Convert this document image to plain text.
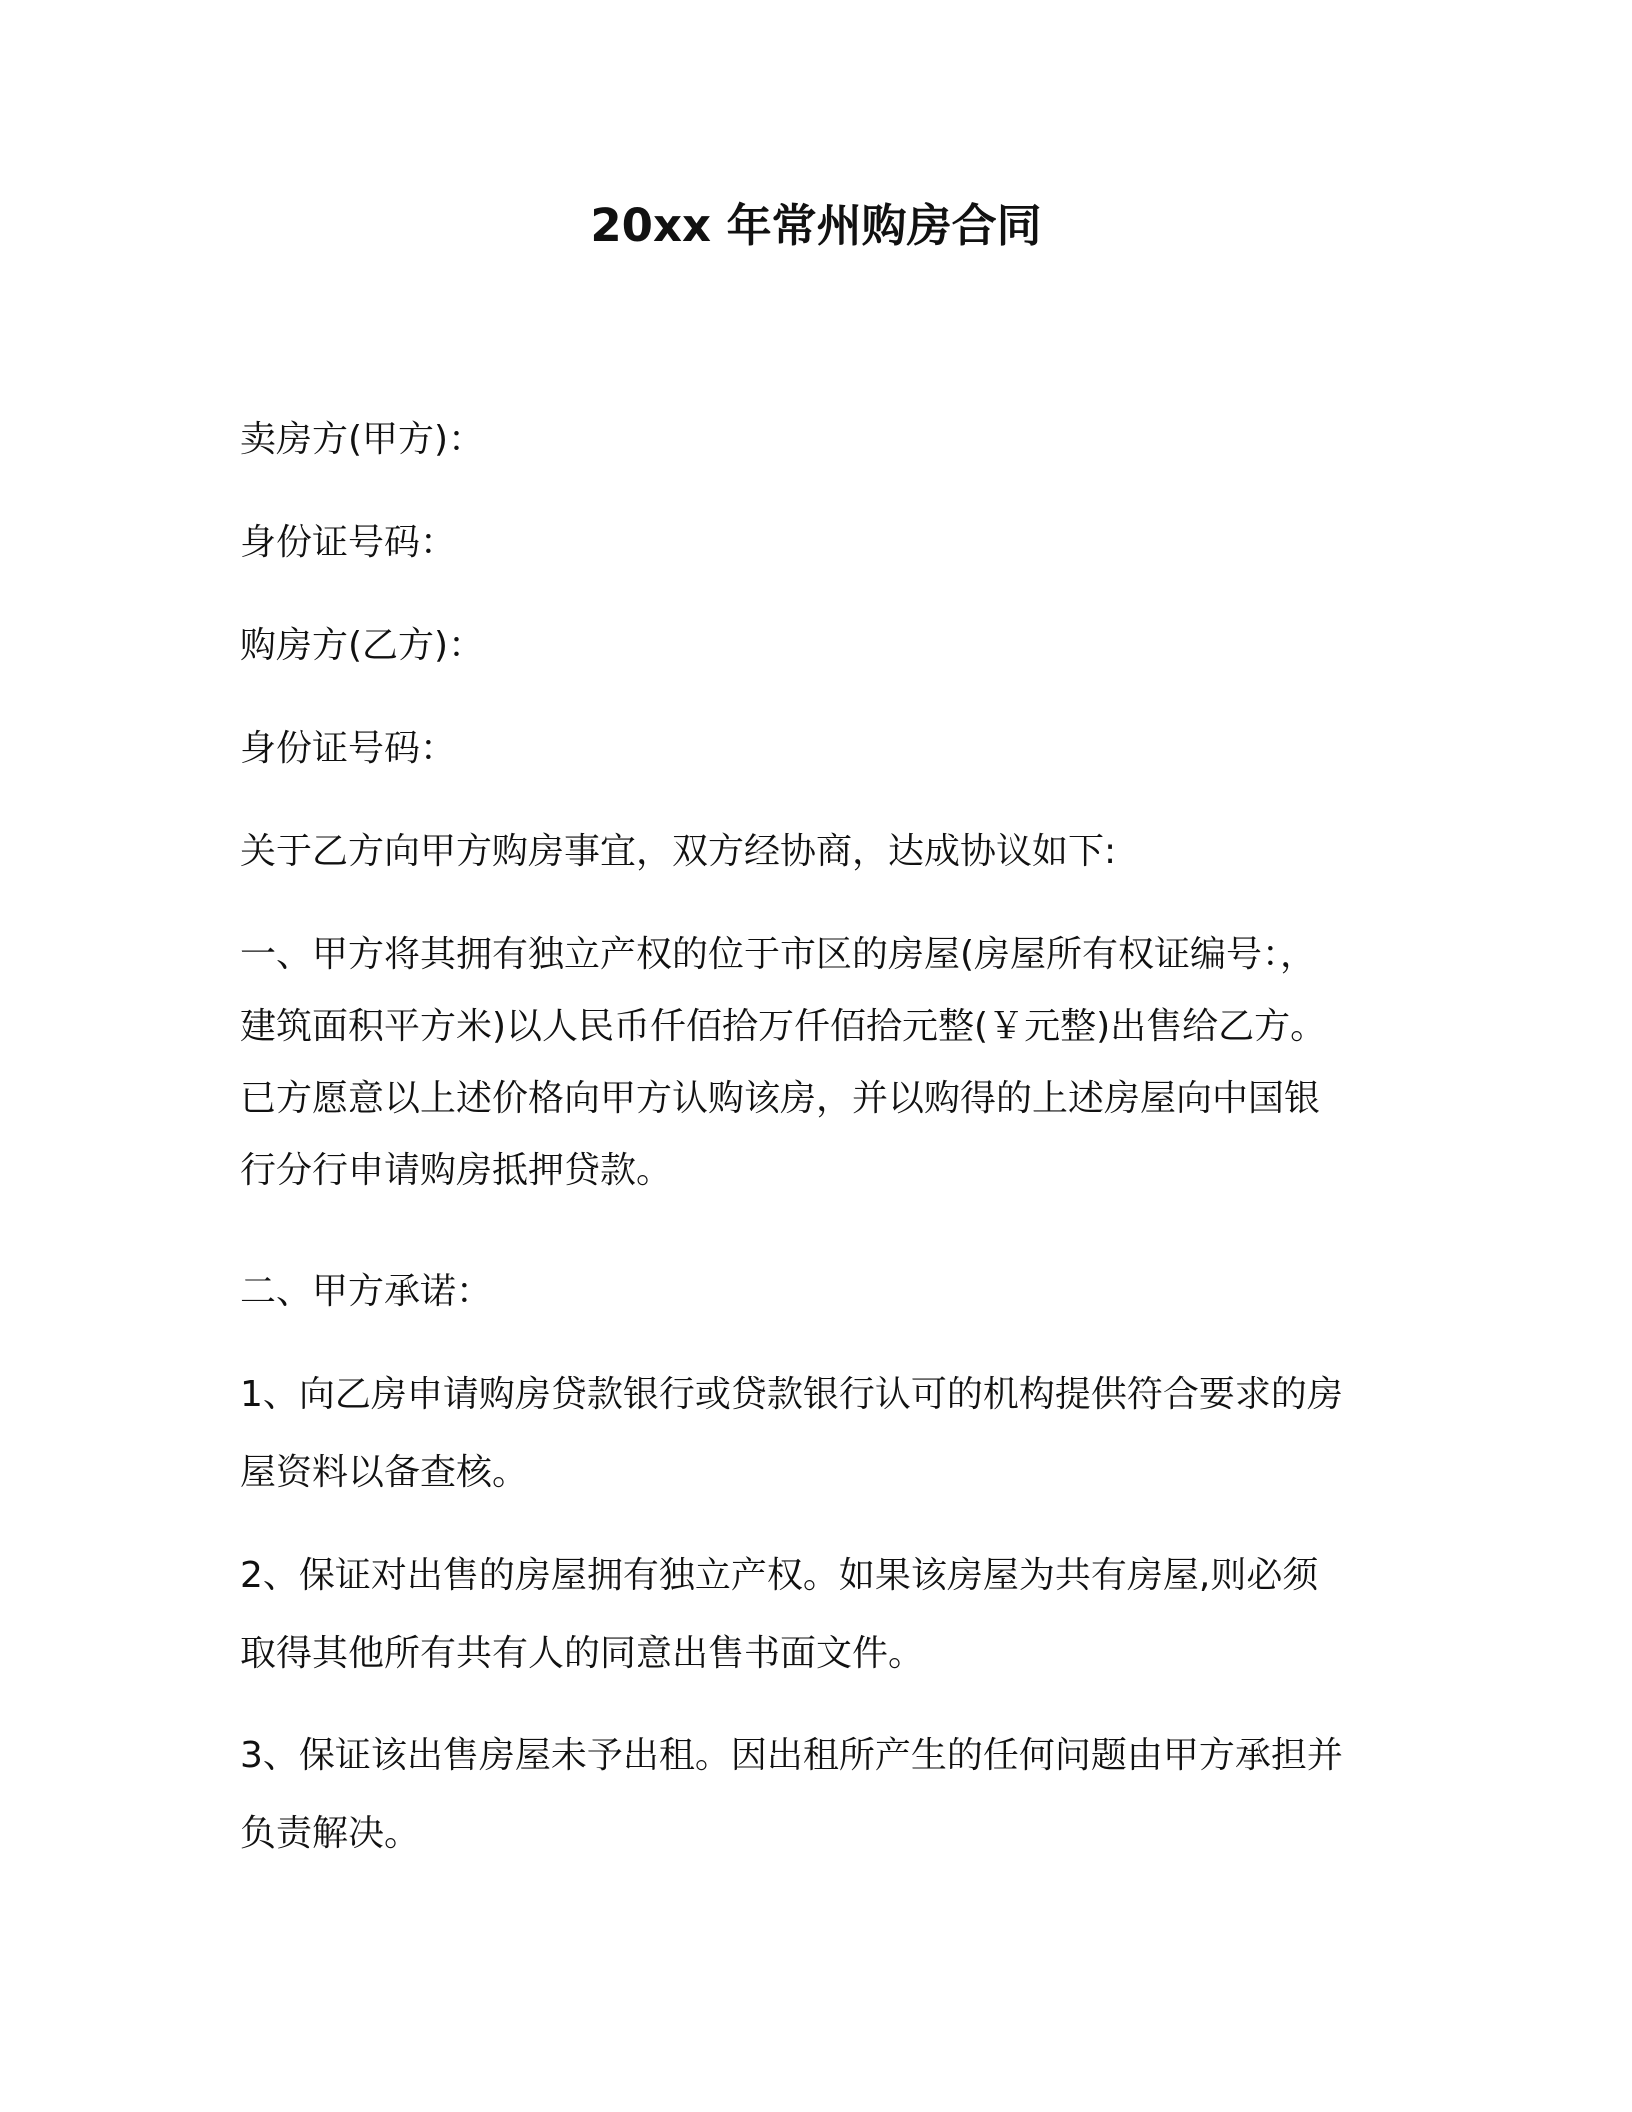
20xx 年常州购房合同
卖房方(甲方)：
身份证号码：
购房方(乙方)：
身份证号码：
关于乙方向甲方购房事宜，双方经协商，达成协议如下:
一、甲方将其拥有独立产权的位于市区的房屋(房屋所有权证编号：，
建筑面积平方米)以人民币仟佰拾万仟佰拾元整(￥元整)出售给乙方。
已方愿意以上述价格向甲方认购该房，并以购得的上述房屋向中国银
行分行申请购房抵押贷款。
二、甲方承诺：
1、向乙房申请购房贷款银行或贷款银行认可的机构提供符合要求的房
屋资料以备查核。
2、保证对出售的房屋拥有独立产权。如果该房屋为共有房屋,则必须
取得其他所有共有人的同意出售书面文件。
3、保证该出售房屋未予出租。因出租所产生的任何问题由甲方承担并
负责解决。
